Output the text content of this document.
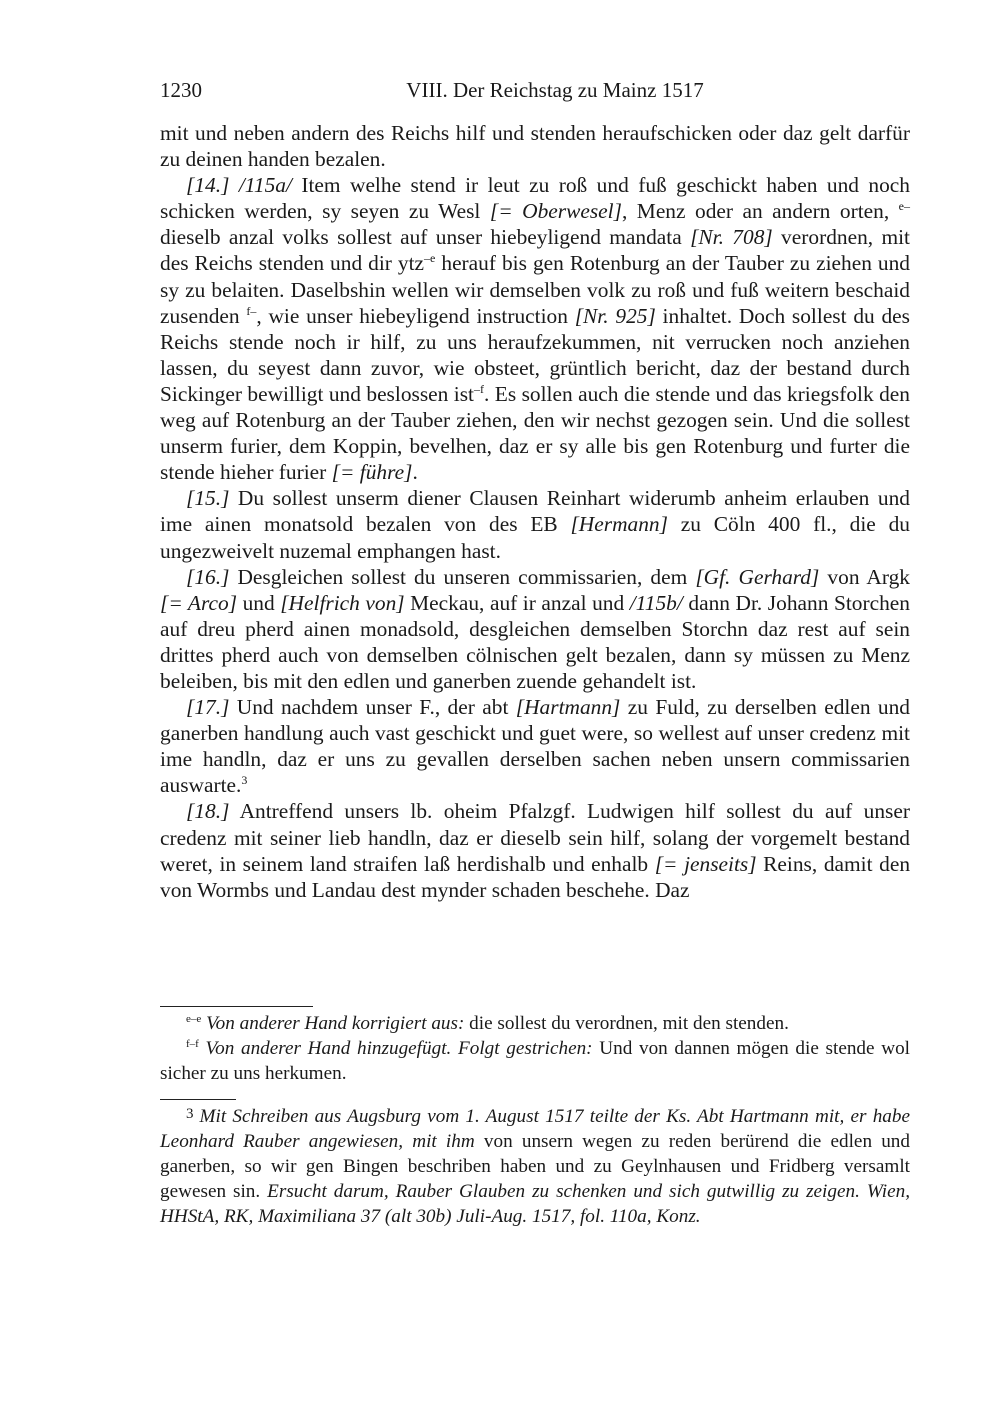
1230	VIII. Der Reichstag zu Mainz 1517

mit und neben andern des Reichs hilf und stenden heraufschicken oder daz gelt darfür zu deinen handen bezalen.

[14.] /115a/ Item welhe stend ir leut zu roß und fuß geschickt haben und noch schicken werden, sy seyen zu Wesl [= Oberwesel], Menz oder an andern orten, $^{e-}$dieselb anzal volks sollest auf unser hiebeyligend mandata [Nr. 708] verordnen, mit des Reichs stenden und dir ytz$^{-e}$ herauf bis gen Rotenburg an der Tauber zu ziehen und sy zu belaiten. Daselbshin wellen wir demselben volk zu roß und fuß weitern beschaid zusenden $^{f-}$, wie unser hiebeyligend instruction [Nr. 925] inhaltet. Doch sollest du des Reichs stende noch ir hilf, zu uns heraufzekummen, nit verrucken noch anziehen lassen, du seyest dann zuvor, wie obsteet, grüntlich bericht, daz der bestand durch Sickinger bewilligt und beslossen ist$^{-f}$. Es sollen auch die stende und das kriegsfolk den weg auf Rotenburg an der Tauber ziehen, den wir nechst gezogen sein. Und die sollest unserm furier, dem Koppin, bevelhen, daz er sy alle bis gen Rotenburg und furter die stende hieher furier [= führe].

[15.] Du sollest unserm diener Clausen Reinhart widerumb anheim erlauben und ime ainen monatsold bezalen von des EB [Hermann] zu Cöln 400 fl., die du ungezweivelt nuzemal emphangen hast.

[16.] Desgleichen sollest du unseren commissarien, dem [Gf. Gerhard] von Argk [= Arco] und [Helfrich von] Meckau, auf ir anzal und /115b/ dann Dr. Johann Storchen auf dreu pherd ainen monadsold, desgleichen demselben Storchn daz rest auf sein drittes pherd auch von demselben cölnischen gelt bezalen, dann sy müssen zu Menz beleiben, bis mit den edlen und ganerben zuende gehandelt ist.

[17.] Und nachdem unser F., der abt [Hartmann] zu Fuld, zu derselben edlen und ganerben handlung auch vast geschickt und guet were, so wellest auf unser credenz mit ime handln, daz er uns zu gevallen derselben sachen neben unsern commissarien auswarte.$^3$

[18.] Antreffend unsers lb. oheim Pfalzgf. Ludwigen hilf sollest du auf unser credenz mit seiner lieb handln, daz er dieselb sein hilf, solang der vorgemelt bestand weret, in seinem land straifen laß herdishalb und enhalb [= jenseits] Reins, damit den von Wormbs und Landau dest mynder schaden beschehe. Daz

$^{e-e}$ Von anderer Hand korrigiert aus: die sollest du verordnen, mit den stenden.

$^{f-f}$ Von anderer Hand hinzugefügt. Folgt gestrichen: Und von dannen mögen die stende wol sicher zu uns herkumen.

$^3$ Mit Schreiben aus Augsburg vom 1. August 1517 teilte der Ks. Abt Hartmann mit, er habe Leonhard Rauber angewiesen, mit ihm von unsern wegen zu reden berürend die edlen und ganerben, so wir gen Bingen beschriben haben und zu Geylnhausen und Fridberg versamlt gewesen sin. Ersucht darum, Rauber Glauben zu schenken und sich gutwillig zu zeigen. Wien, HHStA, RK, Maximiliana 37 (alt 30b) Juli-Aug. 1517, fol. 110a, Konz.
